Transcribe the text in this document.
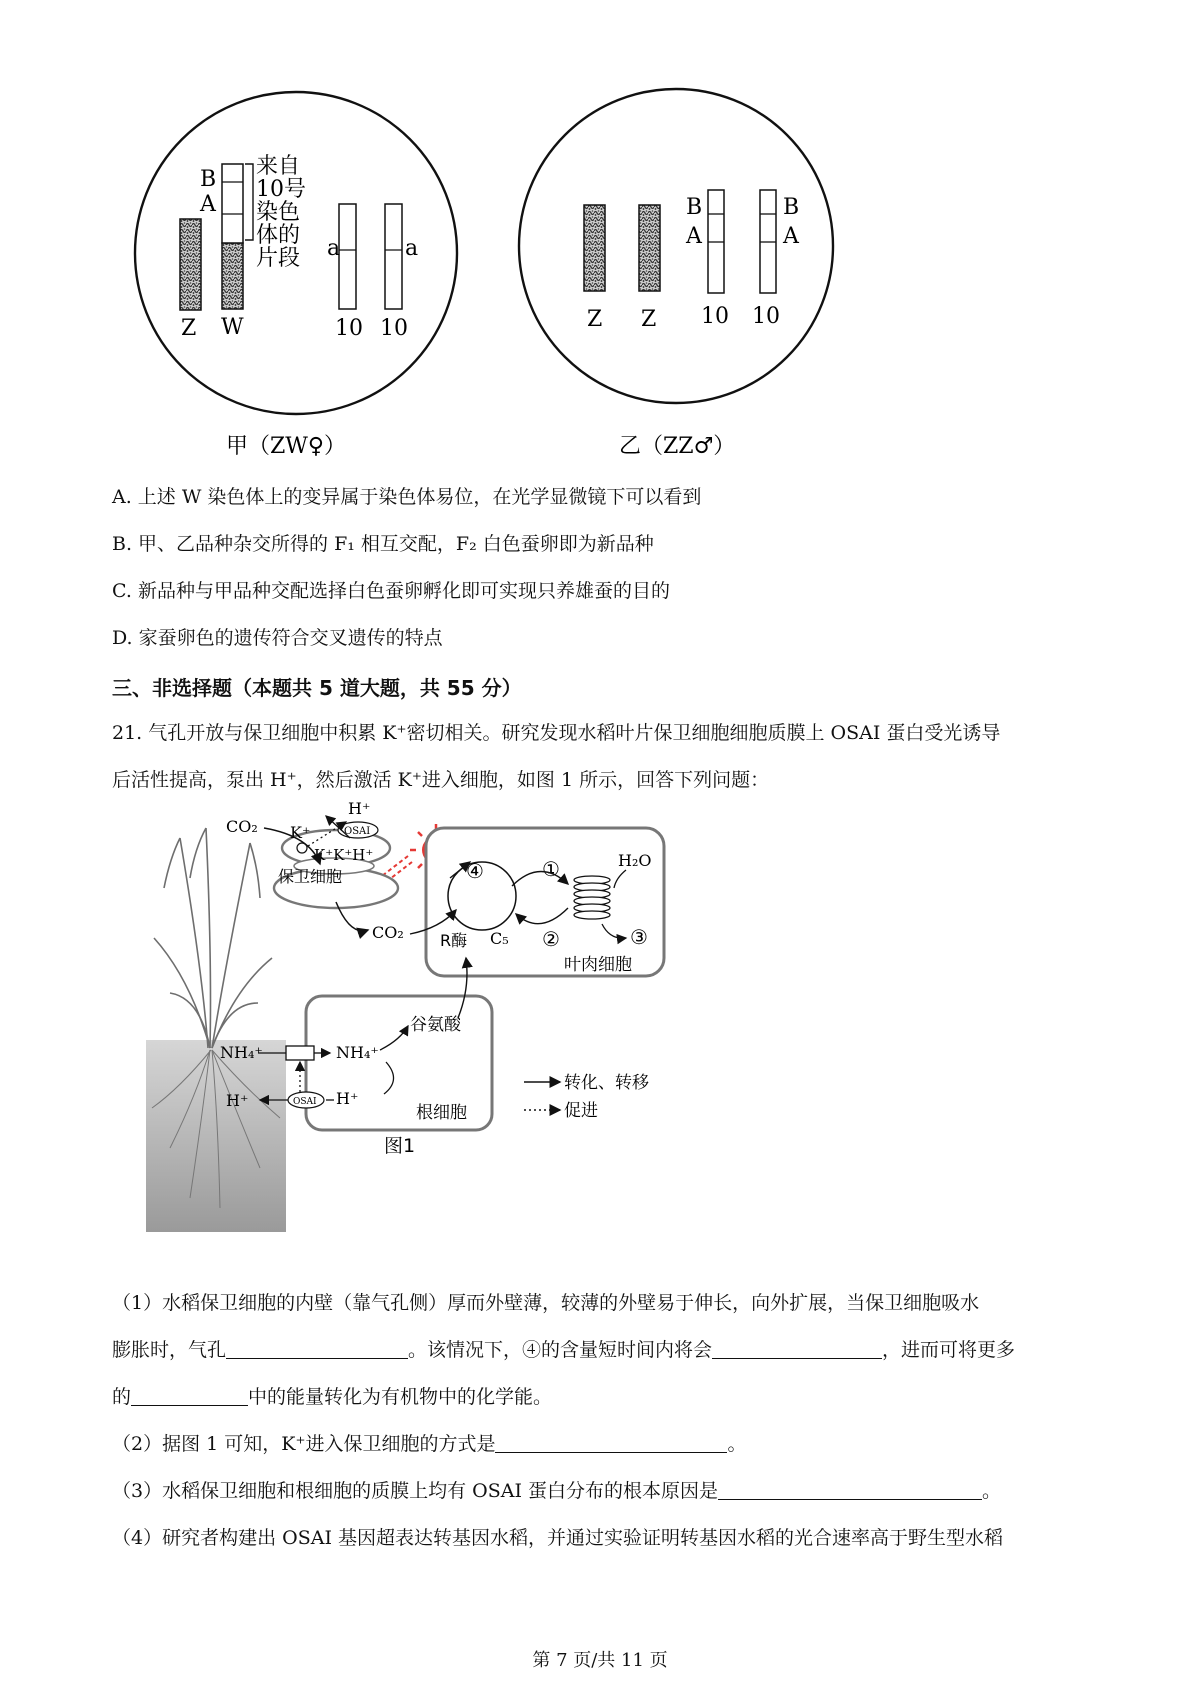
B
A
来自
10号
染色
体的
片段 a	a
Z W	10 10
B
A
B
A
Z Z 10 10
甲（ZW♀）	乙（ZZ♂）
A. 上述 W 染色体上的变异属于染色体易位，在光学显微镜下可以看到
B. 甲、乙品种杂交所得的 F₁ 相互交配，F₂ 白色蚕卵即为新品种
C. 新品种与甲品种交配选择白色蚕卵孵化即可实现只养雄蚕的目的
D. 家蚕卵色的遗传符合交叉遗传的特点
三、非选择题（本题共 5 道大题，共 55 分）
21. 气孔开放与保卫细胞中积累 K⁺密切相关。研究发现水稻叶片保卫细胞细胞质膜上 OSAI 蛋白受光诱导
后活性提高，泵出 H⁺，然后激活 K⁺进入细胞，如图 1 所示，回答下列问题：
OSAI
H⁺
K⁺
K⁺K⁺H⁺
CO₂
保卫细胞
CO₂ R酶 C₅
④	①
②	③
H₂O
叶肉细胞
谷氨酸
NH₄⁺	NH₄⁺
OSAI H⁺
H⁺
根细胞
转化、转移
促进
图1
（1）水稻保卫细胞的内壁（靠气孔侧）厚而外壁薄，较薄的外壁易于伸长，向外扩展，当保卫细胞吸水
膨胀时，气孔	。该情况下，④的含量短时间内将会	，进而可将更多
的	中的能量转化为有机物中的化学能。
（2）据图 1 可知，K⁺进入保卫细胞的方式是	。
（3）水稻保卫细胞和根细胞的质膜上均有 OSAI 蛋白分布的根本原因是	。
（4）研究者构建出 OSAI 基因超表达转基因水稻，并通过实验证明转基因水稻的光合速率高于野生型水稻
第 7 页/共 11 页
